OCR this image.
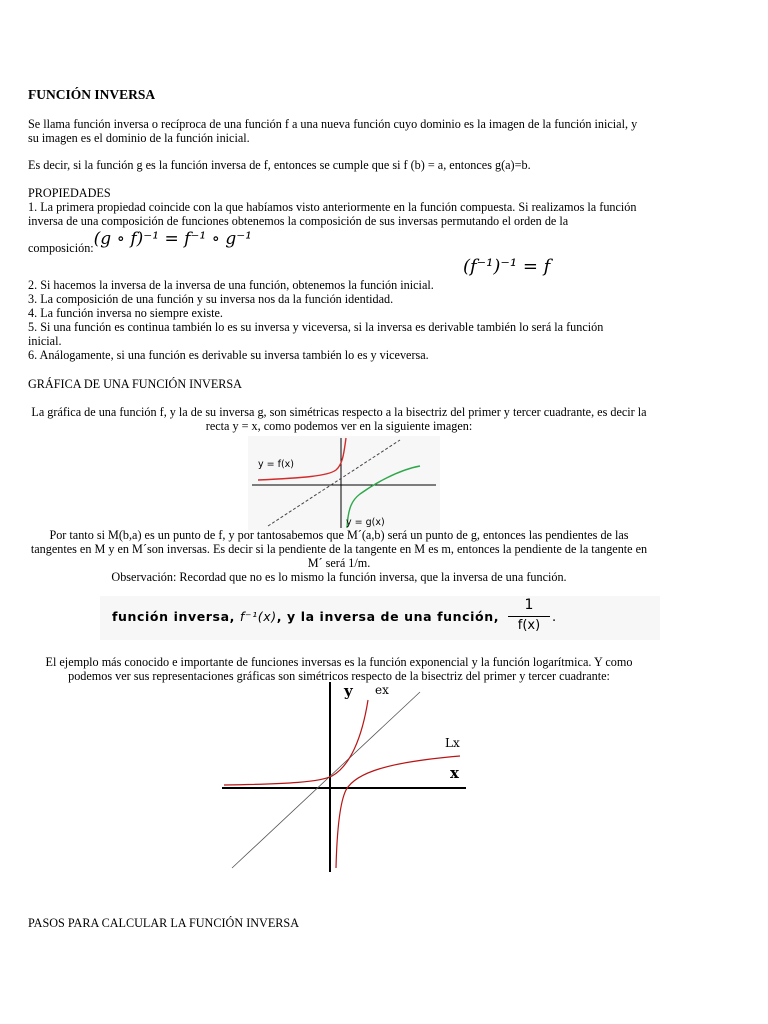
FUNCIÓN INVERSA

Se llama función inversa o recíproca de una función f a una nueva función cuyo dominio es la imagen de la función inicial, y su imagen es el dominio de la función inicial.

Es decir, si la función g es la función inversa de f, entonces se cumple que si f (b) = a, entonces g(a)=b.

PROPIEDADES

1. La primera propiedad coincide con la que habíamos visto anteriormente en la función compuesta. Si realizamos la función inversa de una composición de funciones obtenemos la composición de sus inversas permutando el orden de la

composición:(g ∘ f)⁻¹ = f⁻¹ ∘ g⁻¹

2. Si hacemos la inversa de la inversa de una función, obtenemos la función inicial.

(f⁻¹)⁻¹ = f

3. La composición de una función y su inversa nos da la función identidad.

4. La función inversa no siempre existe.

5. Si una función es continua también lo es su inversa y viceversa, si la inversa es derivable también lo será la función inicial.

6. Análogamente, si una función es derivable su inversa también lo es y viceversa.

GRÁFICA DE UNA FUNCIÓN INVERSA

La gráfica de una función f, y la de su inversa g, son simétricas respecto a la bisectriz del primer y tercer cuadrante, es decir la recta y = x, como podemos ver en la siguiente imagen:

y = f(x)
y = g(x)

Por tanto si M(b,a) es un punto de f, y por tantosabemos que M´(a,b) será un punto de g, entonces las pendientes de las tangentes en M y en M´son inversas. Es decir si la pendiente de la tangente en M es m, entonces la pendiente de la tangente en M´ será 1/m.

Observación: Recordad que no es lo mismo la función inversa, que la inversa de una función.

función inversa, f⁻¹(x), y la inversa de una función,
1
f(x)
.

El ejemplo más conocido e importante de funciones inversas es la función exponencial y la función logarítmica. Y como podemos ver sus representaciones gráficas son simétricos respecto de la bisectriz del primer y tercer cuadrante:

y ex
Lx
x

PASOS PARA CALCULAR LA FUNCIÓN INVERSA
